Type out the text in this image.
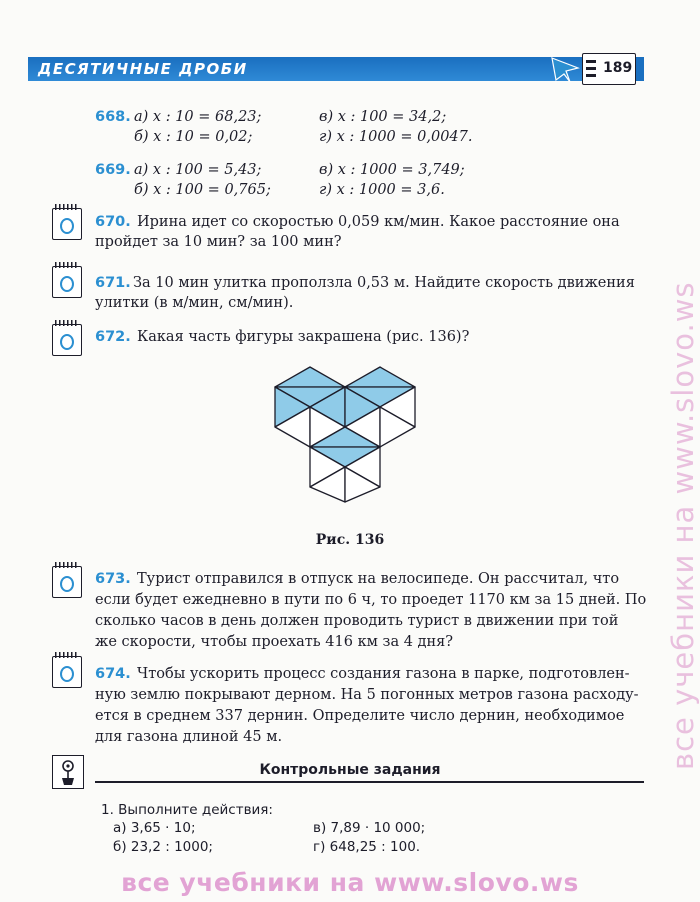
ДЕСЯТИЧНЫЕ ДРОБИ	189
668. а) x : 10 = 68,23;
б) x : 10 = 0,02;
в) x : 100 = 34,2;
г) x : 1000 = 0,0047.
669. а) x : 100 = 5,43;
б) x : 100 = 0,765;
в) x : 1000 = 3,749;
г) x : 1000 = 3,6.
670. Ирина идет со скоростью 0,059 км/мин. Какое расстояние она
пройдет за 10 мин? за 100 мин?
671. За 10 мин улитка проползла 0,53 м. Найдите скорость движения
улитки (в м/мин, см/мин).
672. Какая часть фигуры закрашена (рис. 136)?
Рис. 136
673. Турист отправился в отпуск на велосипеде. Он рассчитал, что
если будет ежедневно в пути по 6 ч, то проедет 1170 км за 15 дней. По
сколько часов в день должен проводить турист в движении при той
же скорости, чтобы проехать 416 км за 4 дня?
674. Чтобы ускорить процесс создания газона в парке, подготовлен-
ную землю покрывают дерном. На 5 погонных метров газона расходу-
ется в среднем 337 дернин. Определите число дернин, необходимое
для газона длиной 45 м.
Контрольные задания
1. Выполните действия:
а) 3,65 · 10;
б) 23,2 : 1000;
в) 7,89 · 10 000;
г) 648,25 : 100.
все учебники на www.slovo.ws
все учебники на www.slovo.ws
